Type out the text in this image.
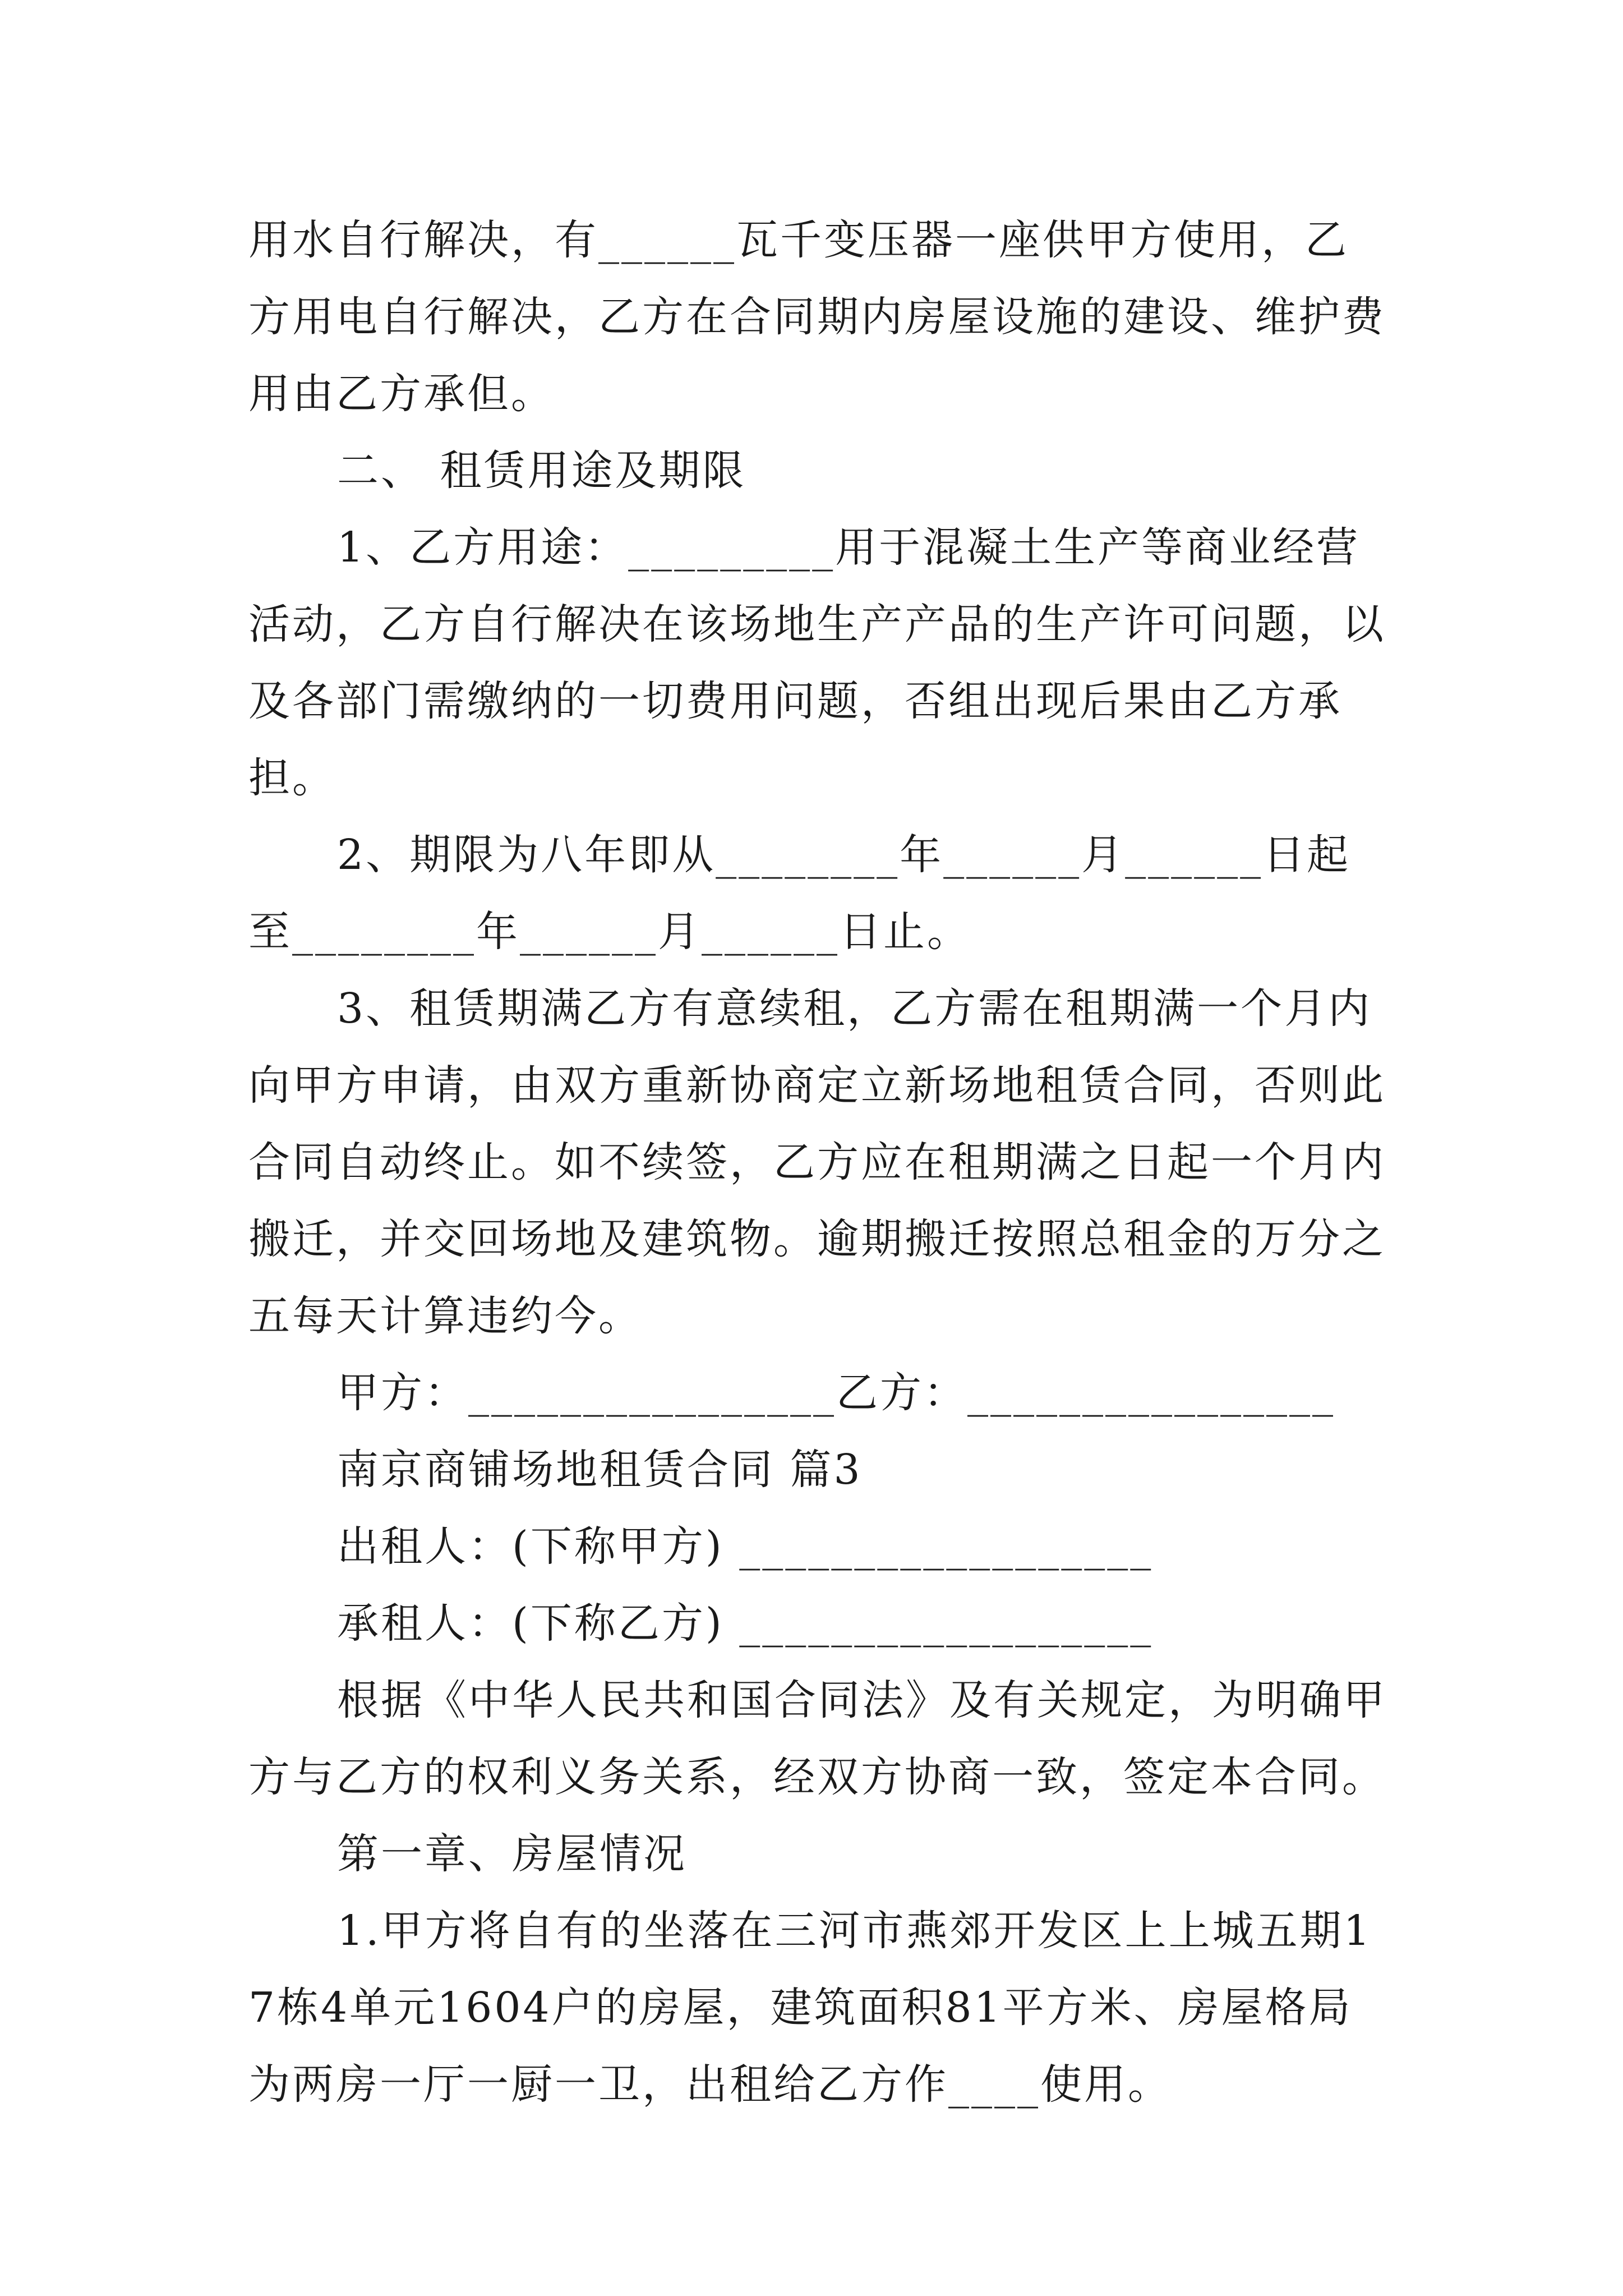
用水自行解决，有______瓦千变压器一座供甲方使用，乙方用电自行解决，乙方在合同期内房屋设施的建设、维护费用由乙方承但。

二、 租赁用途及期限

1、乙方用途：_________用于混凝土生产等商业经营活动，乙方自行解决在该场地生产产品的生产许可问题，以及各部门需缴纳的一切费用问题，否组出现后果由乙方承担。

2、期限为八年即从________年______月______日起至________年______月______日止。

3、租赁期满乙方有意续租，乙方需在租期满一个月内向甲方申请，由双方重新协商定立新场地租赁合同，否则此合同自动终止。如不续签，乙方应在租期满之日起一个月内搬迁，并交回场地及建筑物。逾期搬迁按照总租金的万分之五每天计算违约今。

甲方：________________乙方：________________

南京商铺场地租赁合同 篇3

出租人：(下称甲方) __________________

承租人：(下称乙方) __________________

根据《中华人民共和国合同法》及有关规定，为明确甲方与乙方的权利义务关系，经双方协商一致，签定本合同。

第一章、房屋情况

1.甲方将自有的坐落在三河市燕郊开发区上上城五期17栋4单元1604户的房屋，建筑面积81平方米、房屋格局为两房一厅一厨一卫，出租给乙方作____使用。
